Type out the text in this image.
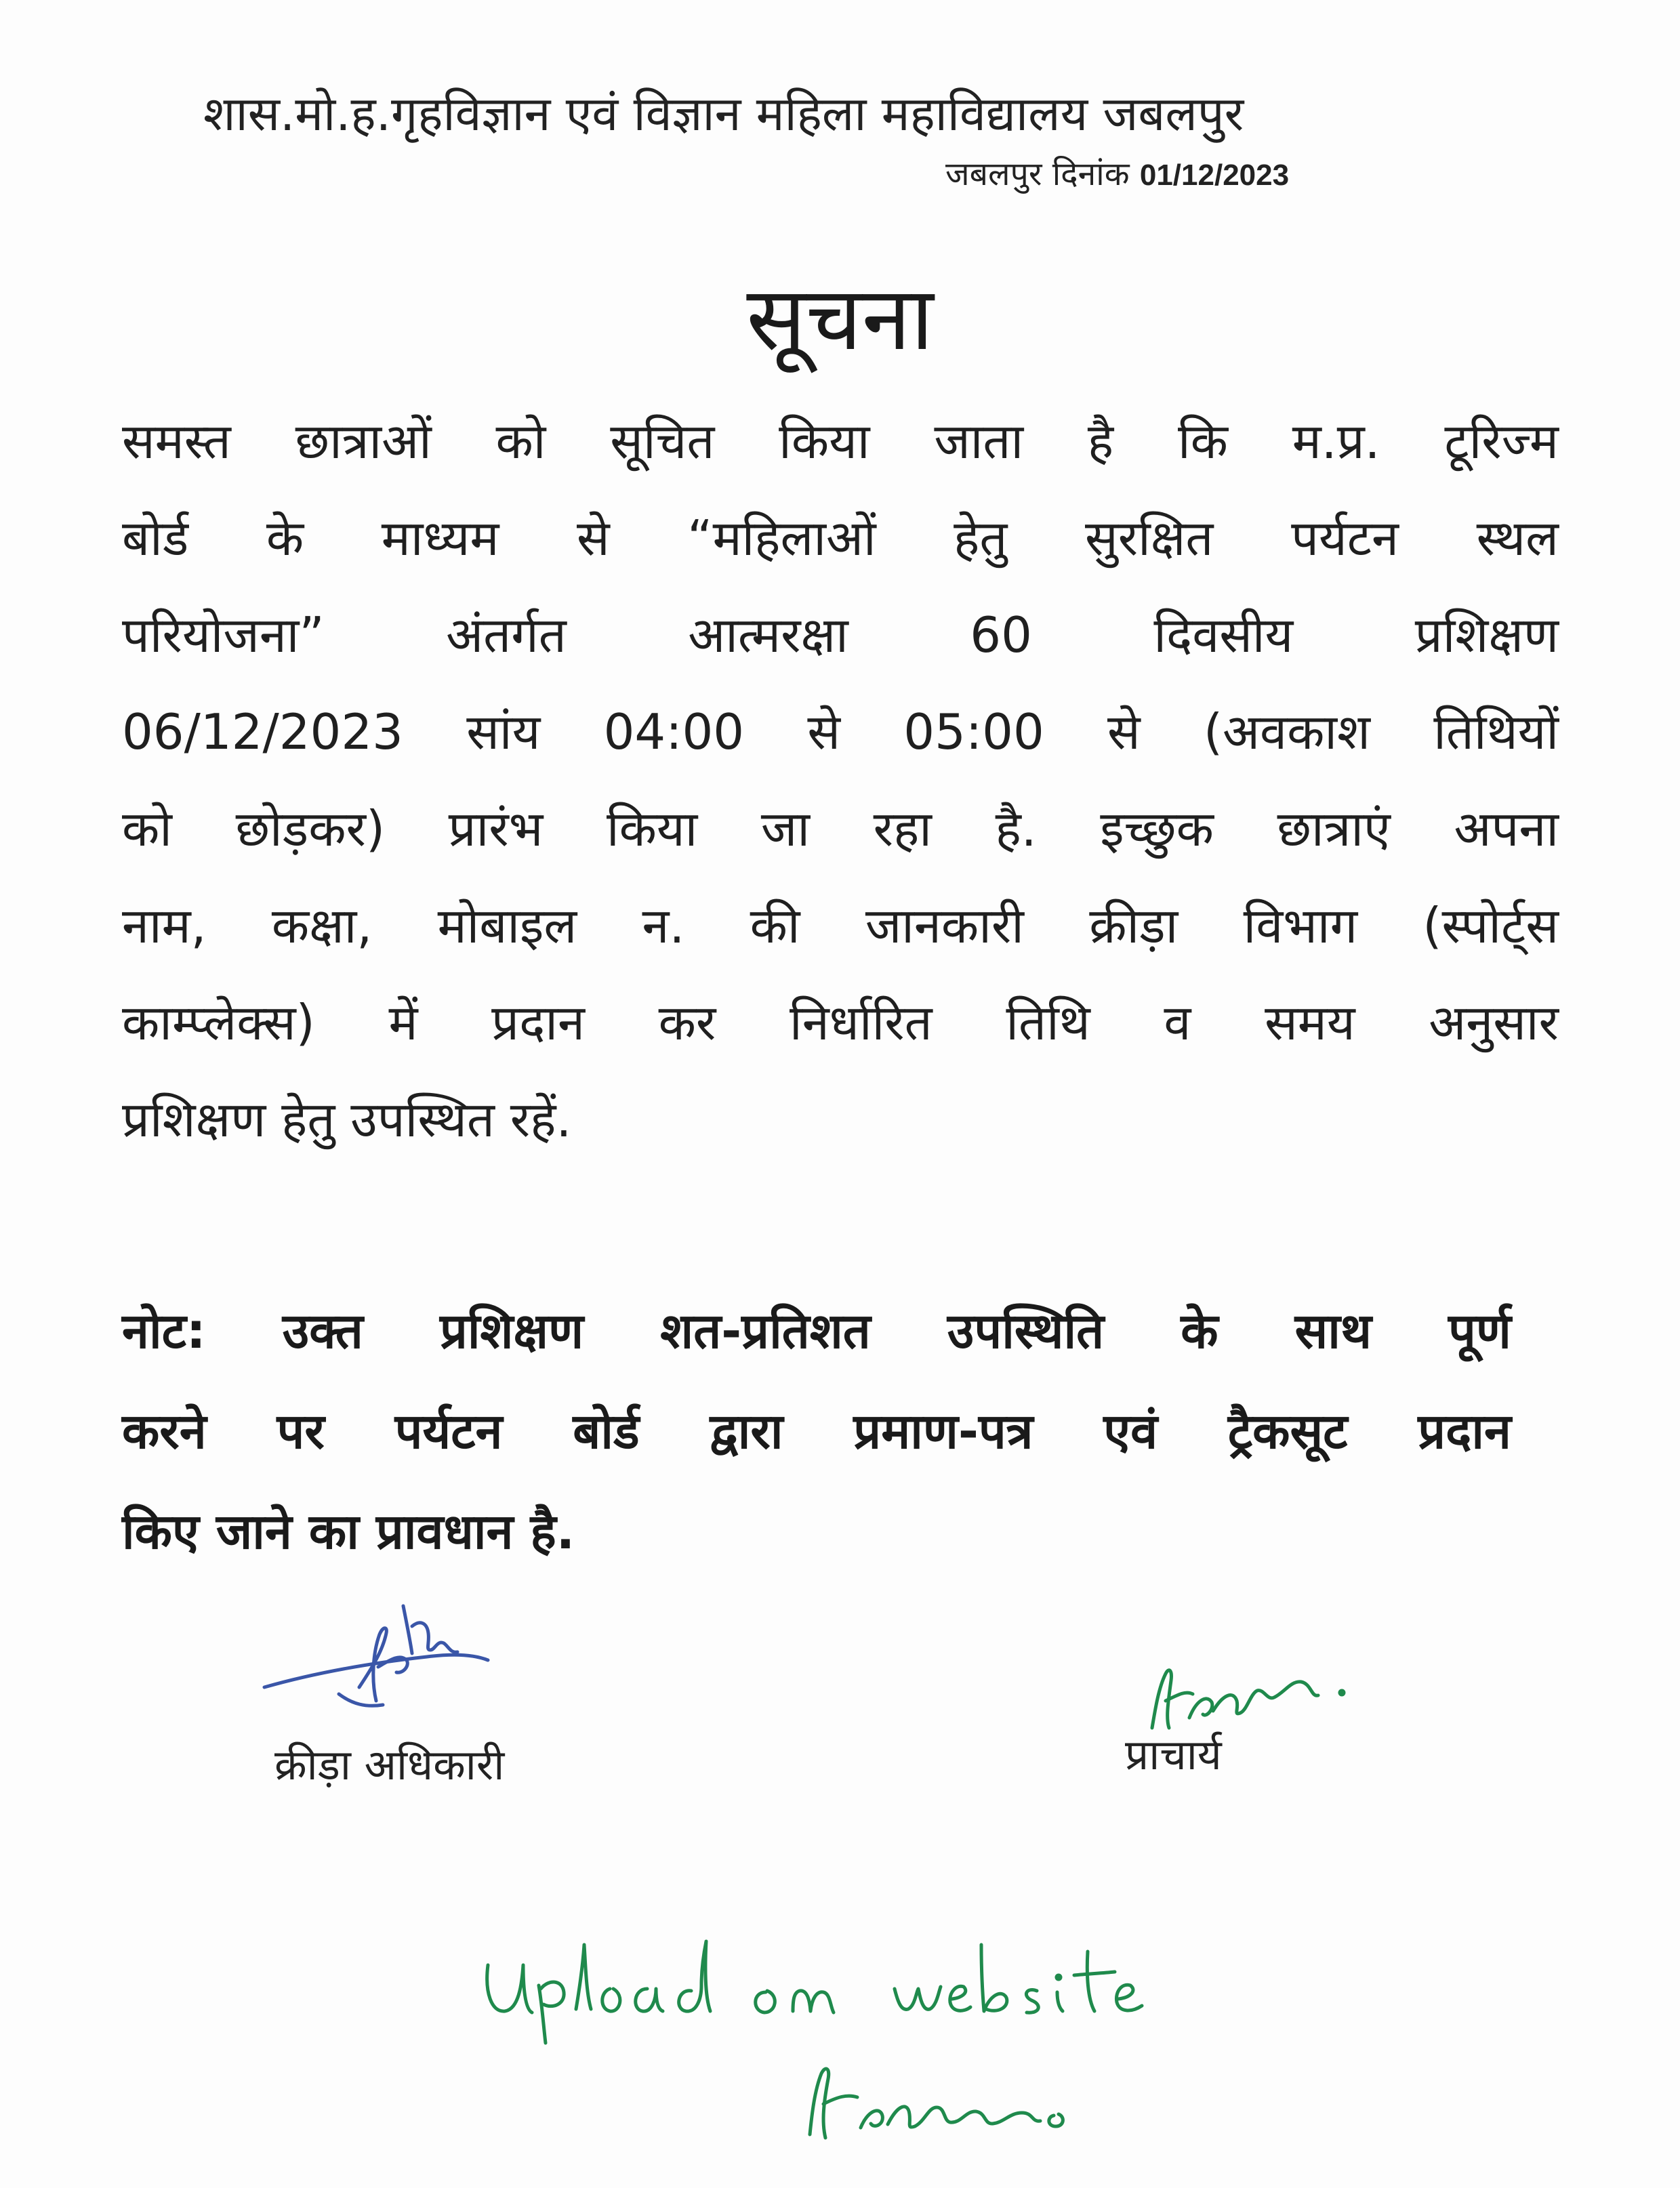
शास.मो.ह.गृहविज्ञान एवं विज्ञान महिला महाविद्यालय जबलपुर
जबलपुर दिनांक 01/12/2023
सूचना
समस्त छात्राओं को सूचित किया जाता है कि म.प्र. टूरिज्म
बोर्ड के माध्यम से “महिलाओं हेतु सुरक्षित पर्यटन स्थल
परियोजना” अंतर्गत आत्मरक्षा 60 दिवसीय प्रशिक्षण
06/12/2023 सांय 04:00 से 05:00 से (अवकाश तिथियों
को छोड़कर) प्रारंभ किया जा रहा है. इच्छुक छात्राएं अपना
नाम, कक्षा, मोबाइल न. की जानकारी क्रीड़ा विभाग (स्पोर्ट्स
काम्प्लेक्स) में प्रदान कर निर्धारित तिथि व समय अनुसार
प्रशिक्षण हेतु उपस्थित रहें.
नोट: उक्त प्रशिक्षण शत-प्रतिशत उपस्थिति के साथ पूर्ण
करने पर पर्यटन बोर्ड द्वारा प्रमाण-पत्र एवं ट्रैकसूट प्रदान
किए जाने का प्रावधान है.
क्रीड़ा अधिकारी	प्राचार्य
